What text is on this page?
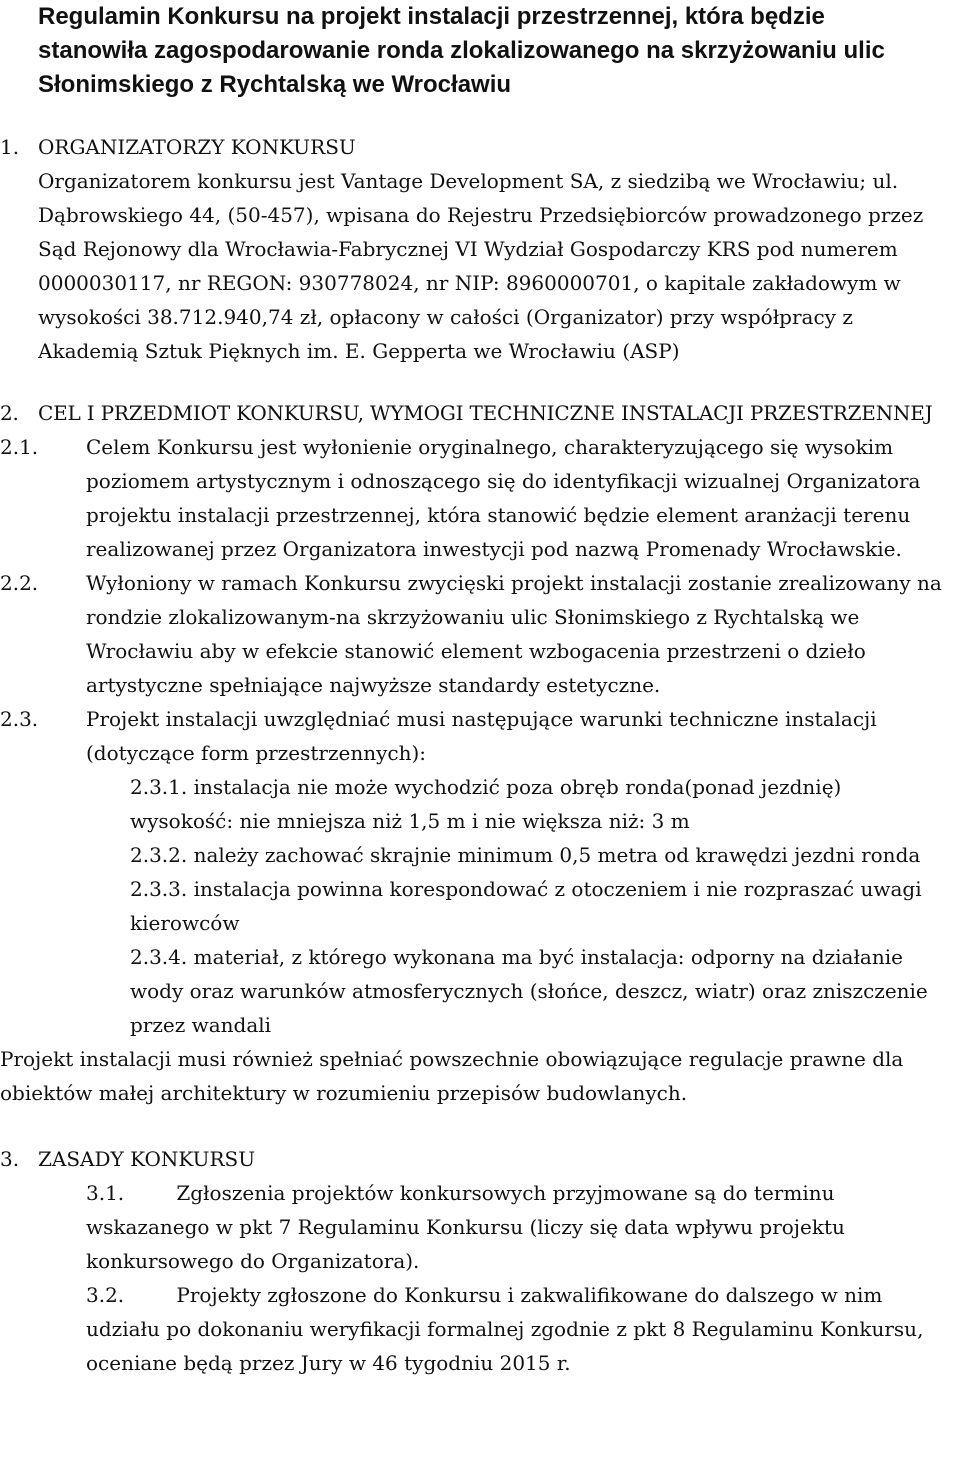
Regulamin Konkursu na projekt instalacji przestrzennej, która będzie stanowiła zagospodarowanie ronda zlokalizowanego na skrzyżowaniu ulic Słonimskiego z Rychtalską we Wrocławiu
1. ORGANIZATORZY KONKURSU

Organizatorem konkursu jest Vantage Development SA, z siedzibą we Wrocławiu; ul. Dąbrowskiego 44, (50-457), wpisana do Rejestru Przedsiębiorców prowadzonego przez Sąd Rejonowy dla Wrocławia-Fabrycznej VI Wydział Gospodarczy KRS pod numerem 0000030117, nr REGON: 930778024, nr NIP: 8960000701, o kapitale zakładowym w wysokości 38.712.940,74 zł, opłacony w całości (Organizator) przy współpracy z Akademią Sztuk Pięknych im. E. Gepperta we Wrocławiu (ASP)

2. CEL I PRZEDMIOT KONKURSU, WYMOGI TECHNICZNE INSTALACJI PRZESTRZENNEJ

2.1.	Celem Konkursu jest wyłonienie oryginalnego, charakteryzującego się wysokim poziomem artystycznym i odnoszącego się do identyfikacji wizualnej Organizatora projektu instalacji przestrzennej, która stanowić będzie element aranżacji terenu realizowanej przez Organizatora inwestycji pod nazwą Promenady Wrocławskie.

2.2.	Wyłoniony w ramach Konkursu zwycięski projekt instalacji zostanie zrealizowany na rondzie zlokalizowanym-na skrzyżowaniu ulic Słonimskiego z Rychtalską we Wrocławiu aby w efekcie stanowić element wzbogacenia przestrzeni o dzieło artystyczne spełniające najwyższe standardy estetyczne.

2.3.	Projekt instalacji uwzględniać musi następujące warunki techniczne instalacji (dotyczące form przestrzennych):

2.3.1. instalacja nie może wychodzić poza obręb ronda(ponad jezdnię) wysokość: nie mniejsza niż 1,5 m i nie większa niż: 3 m

2.3.2. należy zachować skrajnie minimum 0,5 metra od krawędzi jezdni ronda

2.3.3. instalacja powinna korespondować z otoczeniem i nie rozpraszać uwagi kierowców

2.3.4. materiał, z którego wykonana ma być instalacja: odporny na działanie wody oraz warunków atmosferycznych (słońce, deszcz, wiatr) oraz zniszczenie przez wandali

Projekt instalacji musi również spełniać powszechnie obowiązujące regulacje prawne dla obiektów małej architektury w rozumieniu przepisów budowlanych.

3. ZASADY KONKURSU

3.1.	Zgłoszenia projektów konkursowych przyjmowane są do terminu wskazanego w pkt 7 Regulaminu Konkursu (liczy się data wpływu projektu konkursowego do Organizatora).

3.2.	Projekty zgłoszone do Konkursu i zakwalifikowane do dalszego w nim udziału po dokonaniu weryfikacji formalnej zgodnie z pkt 8 Regulaminu Konkursu, oceniane będą przez Jury w 46 tygodniu 2015 r.
